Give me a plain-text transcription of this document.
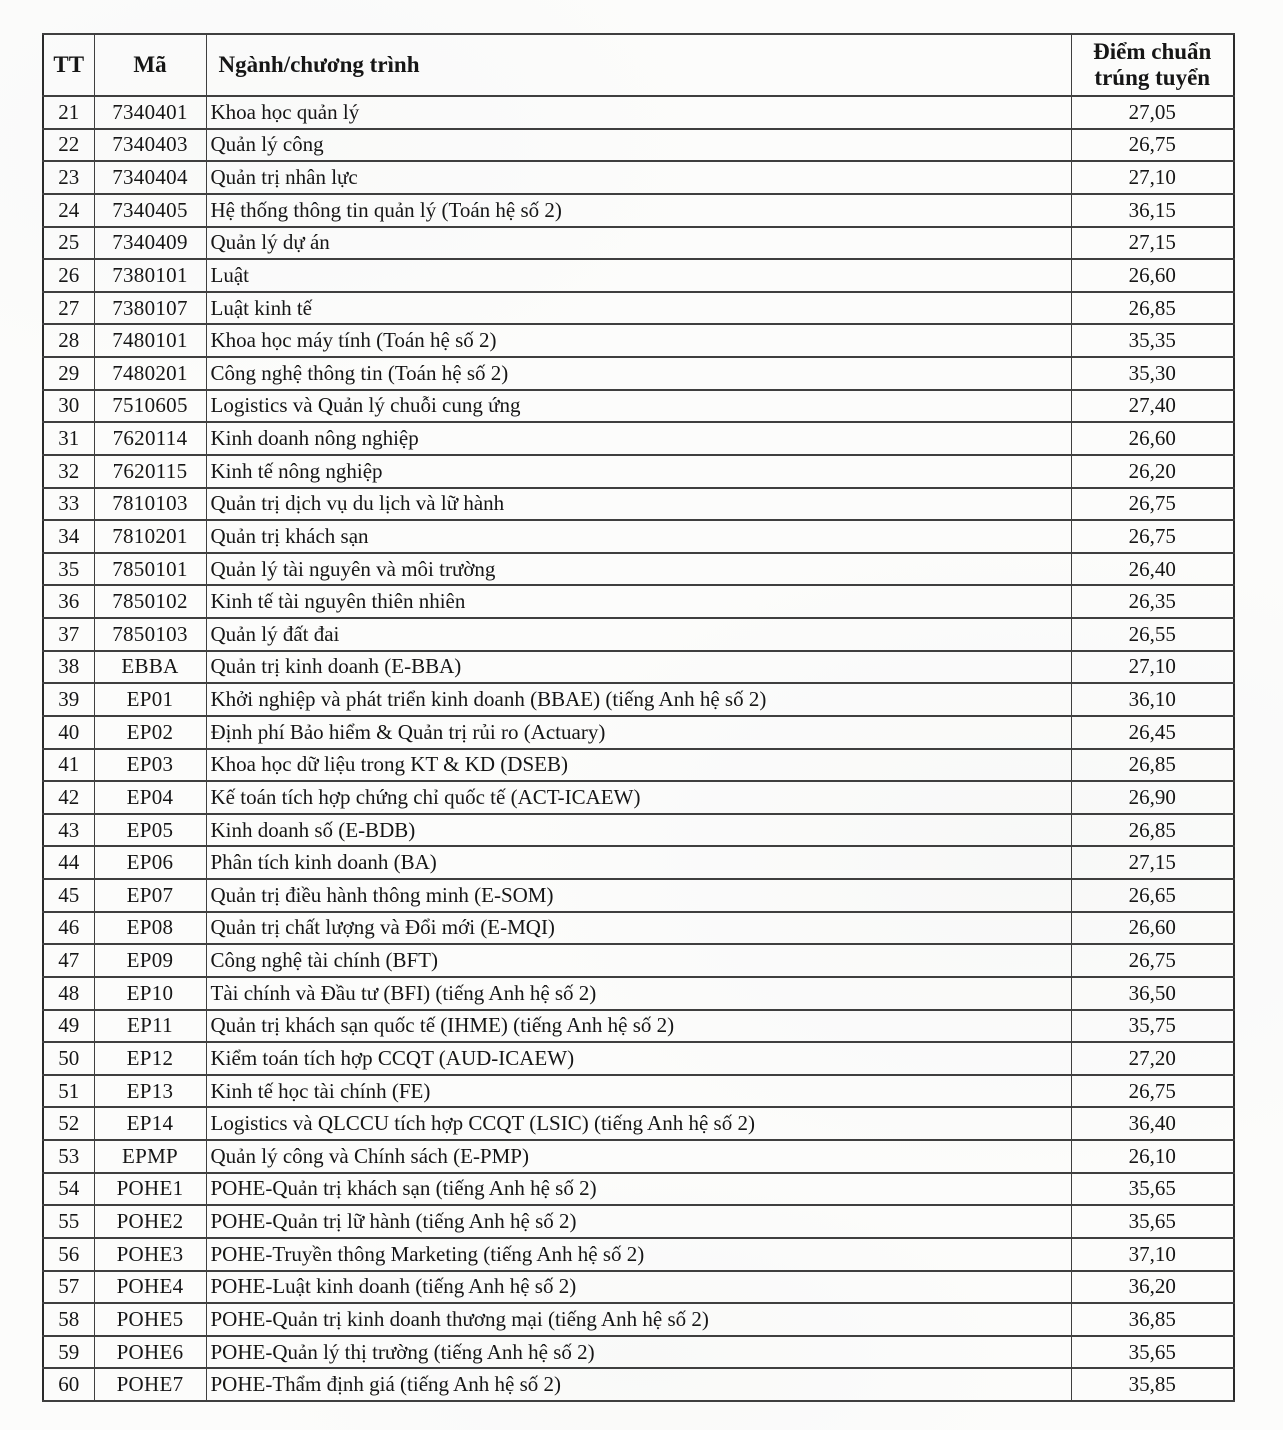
TT	Mã	Ngành/chương trình	Điểm chuẩn trúng tuyển
21	7340401	Khoa học quản lý	27,05
22	7340403	Quản lý công	26,75
23	7340404	Quản trị nhân lực	27,10
24	7340405	Hệ thống thông tin quản lý (Toán hệ số 2)	36,15
25	7340409	Quản lý dự án	27,15
26	7380101	Luật	26,60
27	7380107	Luật kinh tế	26,85
28	7480101	Khoa học máy tính (Toán hệ số 2)	35,35
29	7480201	Công nghệ thông tin (Toán hệ số 2)	35,30
30	7510605	Logistics và Quản lý chuỗi cung ứng	27,40
31	7620114	Kinh doanh nông nghiệp	26,60
32	7620115	Kinh tế nông nghiệp	26,20
33	7810103	Quản trị dịch vụ du lịch và lữ hành	26,75
34	7810201	Quản trị khách sạn	26,75
35	7850101	Quản lý tài nguyên và môi trường	26,40
36	7850102	Kinh tế tài nguyên thiên nhiên	26,35
37	7850103	Quản lý đất đai	26,55
38	EBBA	Quản trị kinh doanh (E-BBA)	27,10
39	EP01	Khởi nghiệp và phát triển kinh doanh (BBAE) (tiếng Anh hệ số 2)	36,10
40	EP02	Định phí Bảo hiểm & Quản trị rủi ro (Actuary)	26,45
41	EP03	Khoa học dữ liệu trong KT & KD (DSEB)	26,85
42	EP04	Kế toán tích hợp chứng chỉ quốc tế (ACT-ICAEW)	26,90
43	EP05	Kinh doanh số (E-BDB)	26,85
44	EP06	Phân tích kinh doanh (BA)	27,15
45	EP07	Quản trị điều hành thông minh (E-SOM)	26,65
46	EP08	Quản trị chất lượng và Đổi mới (E-MQI)	26,60
47	EP09	Công nghệ tài chính (BFT)	26,75
48	EP10	Tài chính và Đầu tư (BFI) (tiếng Anh hệ số 2)	36,50
49	EP11	Quản trị khách sạn quốc tế (IHME) (tiếng Anh hệ số 2)	35,75
50	EP12	Kiểm toán tích hợp CCQT (AUD-ICAEW)	27,20
51	EP13	Kinh tế học tài chính (FE)	26,75
52	EP14	Logistics và QLCCU tích hợp CCQT (LSIC) (tiếng Anh hệ số 2)	36,40
53	EPMP	Quản lý công và Chính sách (E-PMP)	26,10
54	POHE1	POHE-Quản trị khách sạn (tiếng Anh hệ số 2)	35,65
55	POHE2	POHE-Quản trị lữ hành (tiếng Anh hệ số 2)	35,65
56	POHE3	POHE-Truyền thông Marketing (tiếng Anh hệ số 2)	37,10
57	POHE4	POHE-Luật kinh doanh (tiếng Anh hệ số 2)	36,20
58	POHE5	POHE-Quản trị kinh doanh thương mại (tiếng Anh hệ số 2)	36,85
59	POHE6	POHE-Quản lý thị trường (tiếng Anh hệ số 2)	35,65
60	POHE7	POHE-Thẩm định giá (tiếng Anh hệ số 2)	35,85
